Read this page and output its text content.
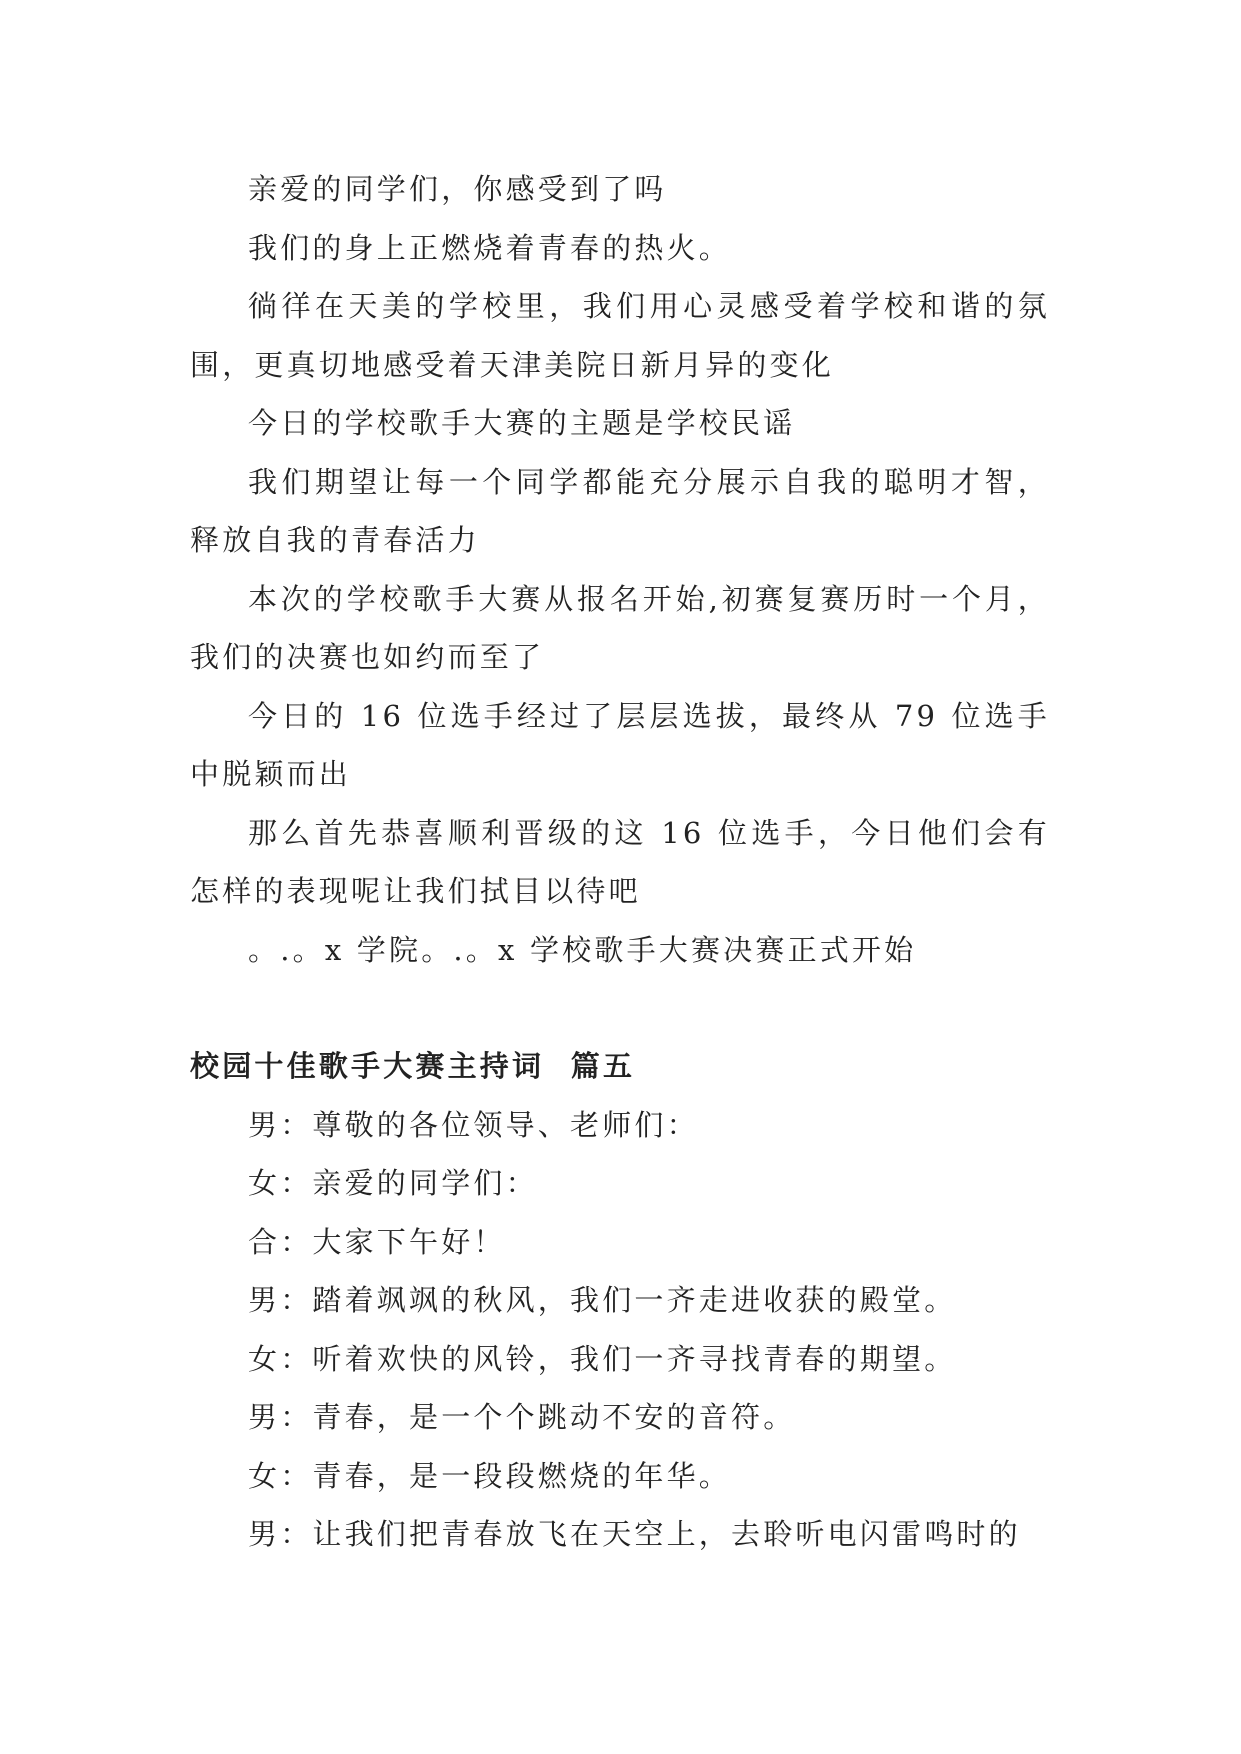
亲爱的同学们，你感受到了吗

我们的身上正燃烧着青春的热火。

徜徉在天美的学校里，我们用心灵感受着学校和谐的氛围，更真切地感受着天津美院日新月异的变化

今日的学校歌手大赛的主题是学校民谣

我们期望让每一个同学都能充分展示自我的聪明才智，释放自我的青春活力

本次的学校歌手大赛从报名开始,初赛复赛历时一个月，我们的决赛也如约而至了

今日的 16 位选手经过了层层选拔，最终从 79 位选手中脱颖而出

那么首先恭喜顺利晋级的这 16 位选手，今日他们会有怎样的表现呢让我们拭目以待吧

。.。x 学院。.。x 学校歌手大赛决赛正式开始

校园十佳歌手大赛主持词  篇五

男：尊敬的各位领导、老师们：

女：亲爱的同学们：

合：大家下午好！

男：踏着飒飒的秋风，我们一齐走进收获的殿堂。

女：听着欢快的风铃，我们一齐寻找青春的期望。

男：青春，是一个个跳动不安的音符。

女：青春，是一段段燃烧的年华。

男：让我们把青春放飞在天空上，去聆听电闪雷鸣时的
